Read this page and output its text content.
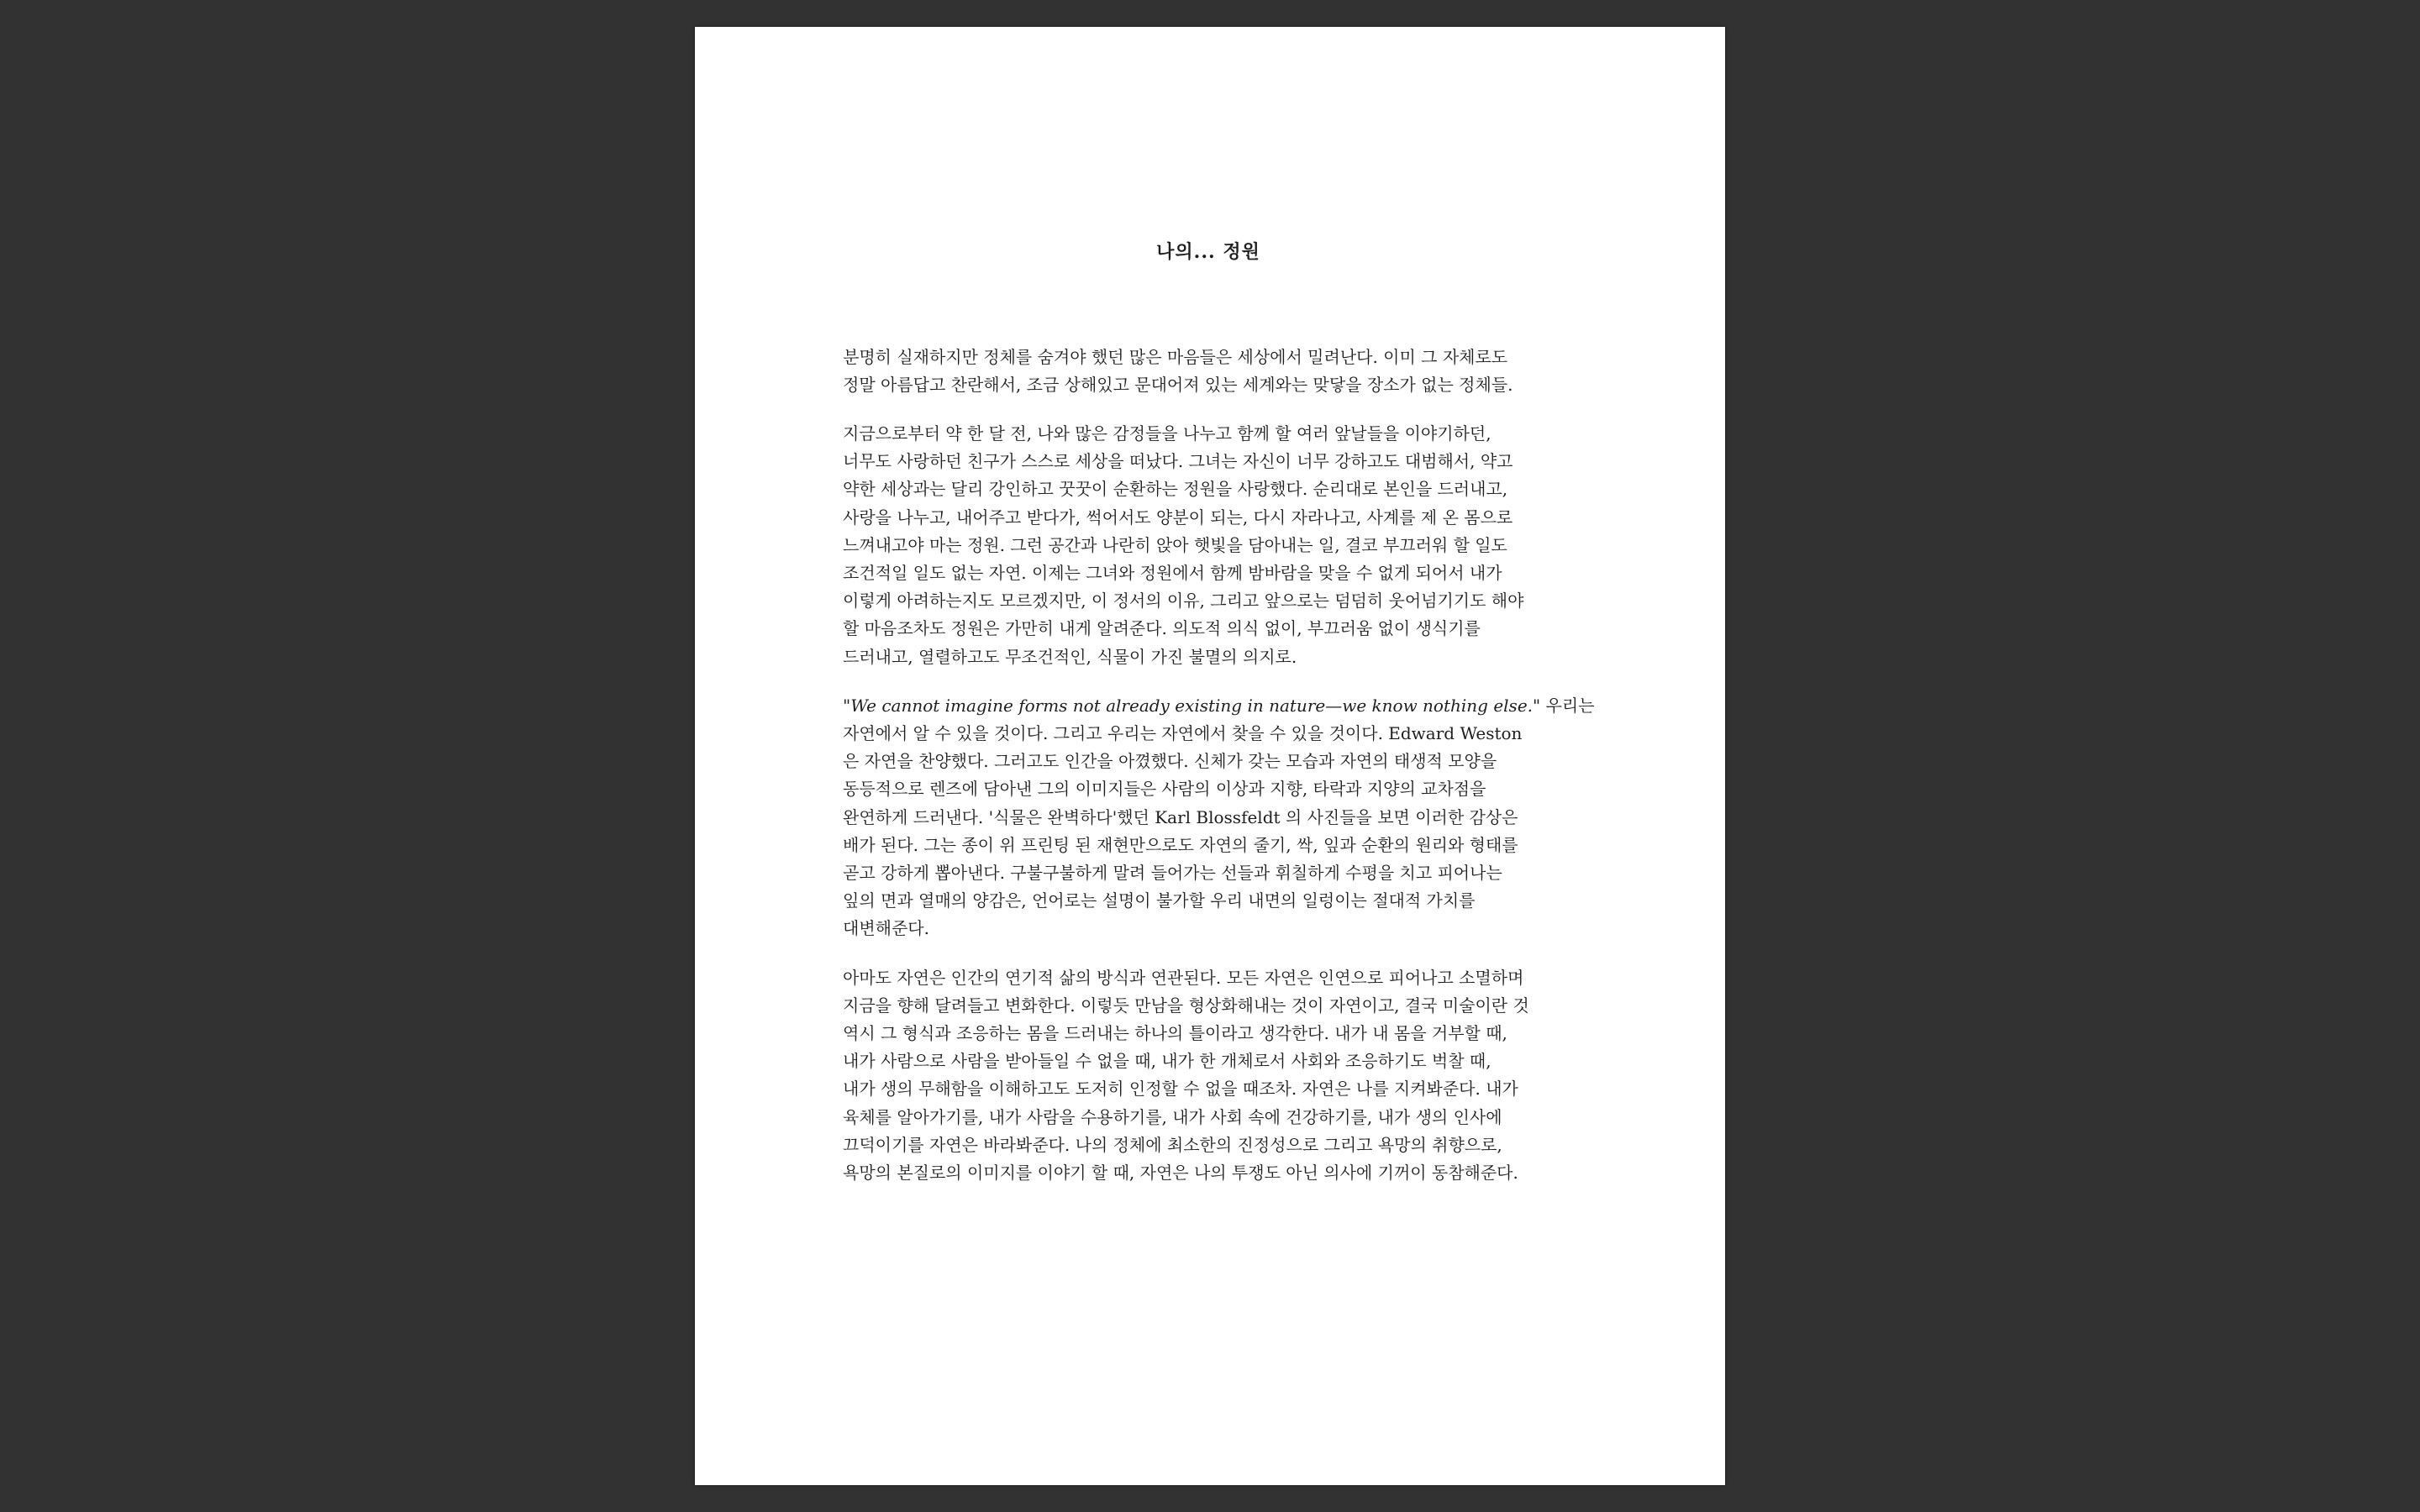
나의... 정원

분명히 실재하지만 정체를 숨겨야 했던 많은 마음들은 세상에서 밀려난다. 이미 그 자체로도
정말 아름답고 찬란해서, 조금 상해있고 문대어져 있는 세계와는 맞닿을 장소가 없는 정체들.

지금으로부터 약 한 달 전, 나와 많은 감정들을 나누고 함께 할 여러 앞날들을 이야기하던,
너무도 사랑하던 친구가 스스로 세상을 떠났다. 그녀는 자신이 너무 강하고도 대범해서, 약고
약한 세상과는 달리 강인하고 꿋꿋이 순환하는 정원을 사랑했다. 순리대로 본인을 드러내고,
사랑을 나누고, 내어주고 받다가, 썩어서도 양분이 되는, 다시 자라나고, 사계를 제 온 몸으로
느껴내고야 마는 정원. 그런 공간과 나란히 앉아 햇빛을 담아내는 일, 결코 부끄러워 할 일도
조건적일 일도 없는 자연. 이제는 그녀와 정원에서 함께 밤바람을 맞을 수 없게 되어서 내가
이렇게 아려하는지도 모르겠지만, 이 정서의 이유, 그리고 앞으로는 덤덤히 웃어넘기기도 해야
할 마음조차도 정원은 가만히 내게 알려준다. 의도적 의식 없이, 부끄러움 없이 생식기를
드러내고, 열렬하고도 무조건적인, 식물이 가진 불멸의 의지로.

"We cannot imagine forms not already existing in nature—we know nothing else." 우리는
자연에서 알 수 있을 것이다. 그리고 우리는 자연에서 찾을 수 있을 것이다. Edward Weston
은 자연을 찬양했다. 그러고도 인간을 아꼈했다. 신체가 갖는 모습과 자연의 태생적 모양을
동등적으로 렌즈에 담아낸 그의 이미지들은 사람의 이상과 지향, 타락과 지양의 교차점을
완연하게 드러낸다. '식물은 완벽하다'했던 Karl Blossfeldt 의 사진들을 보면 이러한 감상은
배가 된다. 그는 종이 위 프린팅 된 재현만으로도 자연의 줄기, 싹, 잎과 순환의 원리와 형태를
곧고 강하게 뽑아낸다. 구불구불하게 말려 들어가는 선들과 휘칠하게 수평을 치고 피어나는
잎의 면과 열매의 양감은, 언어로는 설명이 불가할 우리 내면의 일렁이는 절대적 가치를
대변해준다.

아마도 자연은 인간의 연기적 삶의 방식과 연관된다. 모든 자연은 인연으로 피어나고 소멸하며
지금을 향해 달려들고 변화한다. 이렇듯 만남을 형상화해내는 것이 자연이고, 결국 미술이란 것
역시 그 형식과 조응하는 몸을 드러내는 하나의 틀이라고 생각한다. 내가 내 몸을 거부할 때,
내가 사람으로 사람을 받아들일 수 없을 때, 내가 한 개체로서 사회와 조응하기도 벅찰 때,
내가 생의 무해함을 이해하고도 도저히 인정할 수 없을 때조차. 자연은 나를 지켜봐준다. 내가
육체를 알아가기를, 내가 사람을 수용하기를, 내가 사회 속에 건강하기를, 내가 생의 인사에
끄덕이기를 자연은 바라봐준다. 나의 정체에 최소한의 진정성으로 그리고 욕망의 취향으로,
욕망의 본질로의 이미지를 이야기 할 때, 자연은 나의 투쟁도 아닌 의사에 기꺼이 동참해준다.
